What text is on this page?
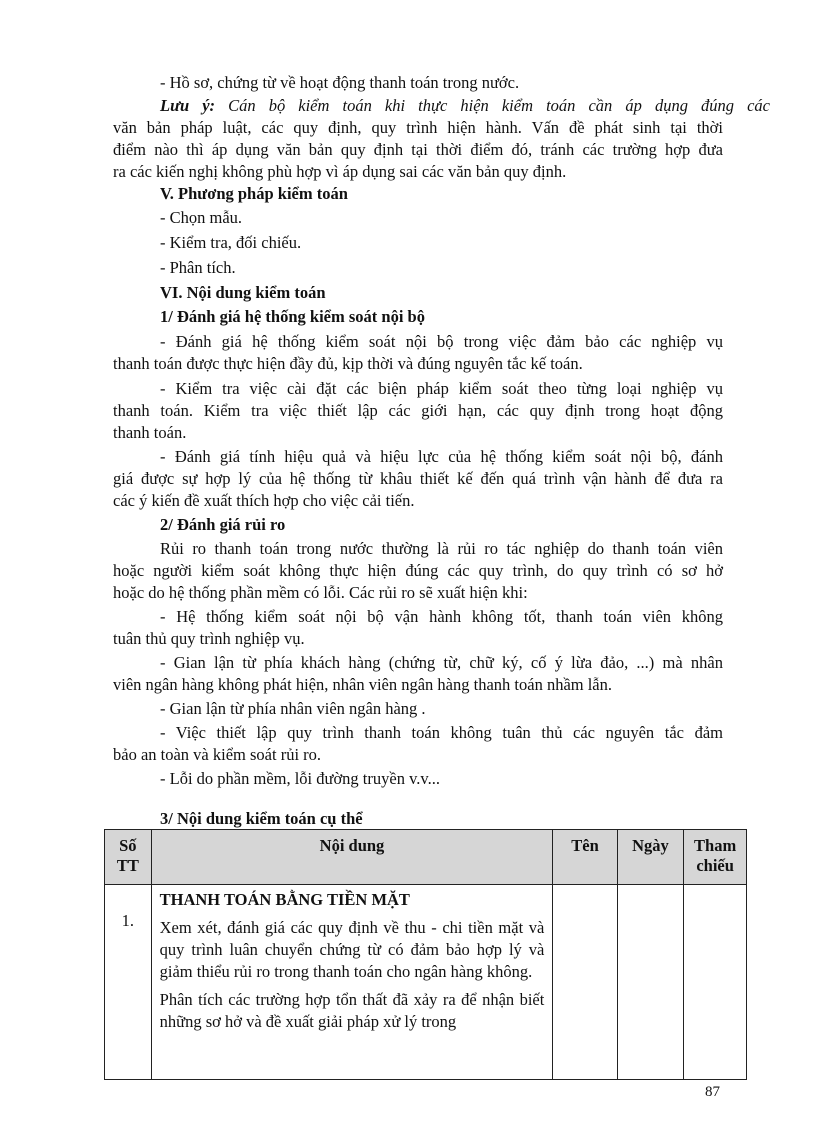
- Hồ sơ, chứng từ về hoạt động thanh toán trong nước.
Lưu ý: Cán bộ kiểm toán khi thực hiện kiểm toán cần áp dụng đúng các
văn bản pháp luật, các quy định, quy trình hiện hành. Vấn đề phát sinh tại thời
điểm nào thì áp dụng văn bản quy định tại thời điểm đó, tránh các trường hợp đưa
ra các kiến nghị không phù hợp vì áp dụng sai các văn bản quy định.
V. Phương pháp kiểm toán
- Chọn mẫu.
- Kiểm tra, đối chiếu.
- Phân tích.
VI. Nội dung kiểm toán
1/ Đánh giá hệ thống kiểm soát nội bộ
- Đánh giá hệ thống kiểm soát nội bộ trong việc đảm bảo các nghiệp vụ
thanh toán được thực hiện đầy đủ, kịp thời và đúng nguyên tắc kế toán.
- Kiểm tra việc cài đặt các biện pháp kiểm soát theo từng loại nghiệp vụ
thanh toán. Kiểm tra việc thiết lập các giới hạn, các quy định trong hoạt động
thanh toán.
- Đánh giá tính hiệu quả và hiệu lực của hệ thống kiểm soát nội bộ, đánh
giá được sự hợp lý của hệ thống từ khâu thiết kế đến quá trình vận hành để đưa ra
các ý kiến đề xuất thích hợp cho việc cải tiến.
2/ Đánh giá rủi ro
Rủi ro thanh toán trong nước thường là rủi ro tác nghiệp do thanh toán viên
hoặc người kiểm soát không thực hiện đúng các quy trình, do quy trình có sơ hở
hoặc do hệ thống phần mềm có lỗi. Các rủi ro sẽ xuất hiện khi:
- Hệ thống kiểm soát nội bộ vận hành không tốt, thanh toán viên không
tuân thủ quy trình nghiệp vụ.
- Gian lận từ phía khách hàng (chứng từ, chữ ký, cố ý lừa đảo, ...) mà nhân
viên ngân hàng không phát hiện, nhân viên ngân hàng thanh toán nhầm lẫn.
- Gian lận từ phía nhân viên ngân hàng .
- Việc thiết lập quy trình thanh toán không tuân thủ các nguyên tắc đảm
bảo an toàn và kiểm soát rủi ro.
- Lỗi do phần mềm, lỗi đường truyền v.v...
3/ Nội dung kiểm toán cụ thể
Số TT	Nội dung	Tên	Ngày	Tham chiếu
1.	THANH TOÁN BẰNG TIỀN MẶT

Xem xét, đánh giá các quy định về thu - chi tiền mặt và quy trình luân chuyển chứng từ có đảm bảo hợp lý và giảm thiểu rủi ro trong thanh toán cho ngân hàng không.

Phân tích các trường hợp tổn thất đã xảy ra để nhận biết những sơ hở và đề xuất giải pháp xử lý trong			

87
